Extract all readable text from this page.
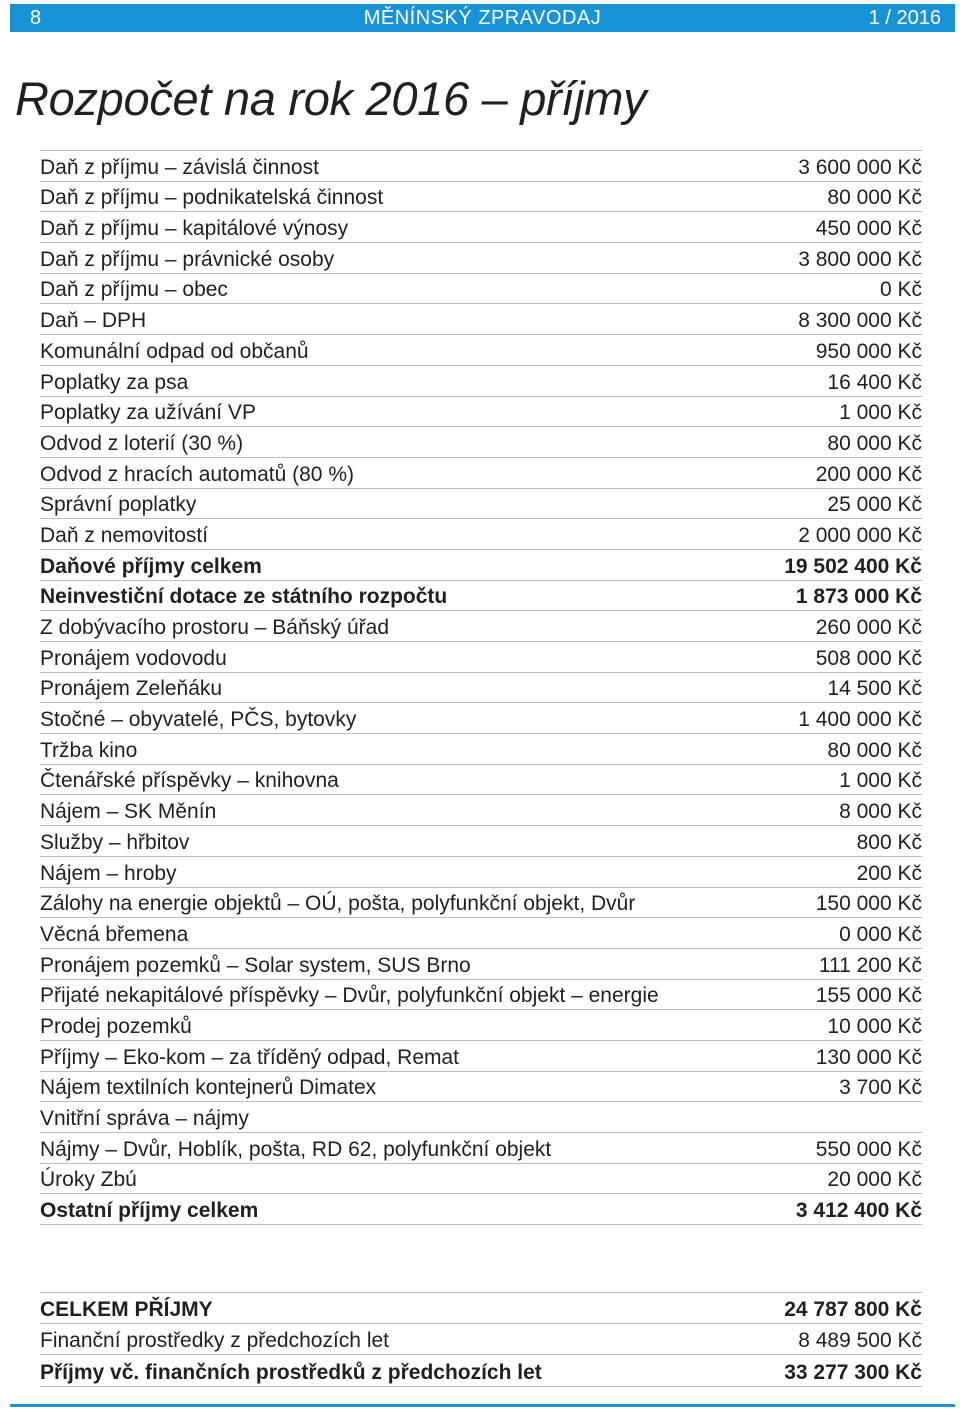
MĚNÍNSKÝ ZPRAVODAJ
8	1 / 2016
Rozpočet na rok 2016 – příjmy
Daň z příjmu – závislá činnost	3 600 000 Kč
Daň z příjmu – podnikatelská činnost	80 000 Kč
Daň z příjmu – kapitálové výnosy	450 000 Kč
Daň z příjmu – právnické osoby	3 800 000 Kč
Daň z příjmu – obec	0 Kč
Daň – DPH	8 300 000 Kč
Komunální odpad od občanů	950 000 Kč
Poplatky za psa	16 400 Kč
Poplatky za užívání VP	1 000 Kč
Odvod z loterií (30 %)	80 000 Kč
Odvod z hracích automatů (80 %)	200 000 Kč
Správní poplatky	25 000 Kč
Daň z nemovitostí	2 000 000 Kč
Daňové příjmy celkem	19 502 400 Kč
Neinvestiční dotace ze státního rozpočtu	1 873 000 Kč
Z dobývacího prostoru – Báňský úřad	260 000 Kč
Pronájem vodovodu	508 000 Kč
Pronájem Zeleňáku	14 500 Kč
Stočné – obyvatelé, PČS, bytovky	1 400 000 Kč
Tržba kino	80 000 Kč
Čtenářské příspěvky – knihovna	1 000 Kč
Nájem – SK Měnín	8 000 Kč
Služby – hřbitov	800 Kč
Nájem – hroby	200 Kč
Zálohy na energie objektů – OÚ, pošta, polyfunkční objekt, Dvůr	150 000 Kč
Věcná břemena	0 000 Kč
Pronájem pozemků – Solar system, SUS Brno	111 200 Kč
Přijaté nekapitálové příspěvky – Dvůr, polyfunkční objekt – energie	155 000 Kč
Prodej pozemků	10 000 Kč
Příjmy – Eko-kom – za tříděný odpad, Remat	130 000 Kč
Nájem textilních kontejnerů Dimatex	3 700 Kč
Vnitřní správa – nájmy
Nájmy – Dvůr, Hoblík, pošta, RD 62, polyfunkční objekt	550 000 Kč
Úroky Zbú	20 000 Kč
Ostatní příjmy celkem	3 412 400 Kč
CELKEM PŘÍJMY	24 787 800 Kč
Finanční prostředky z předchozích let	8 489 500 Kč
Příjmy vč. finančních prostředků z předchozích let	33 277 300 Kč
